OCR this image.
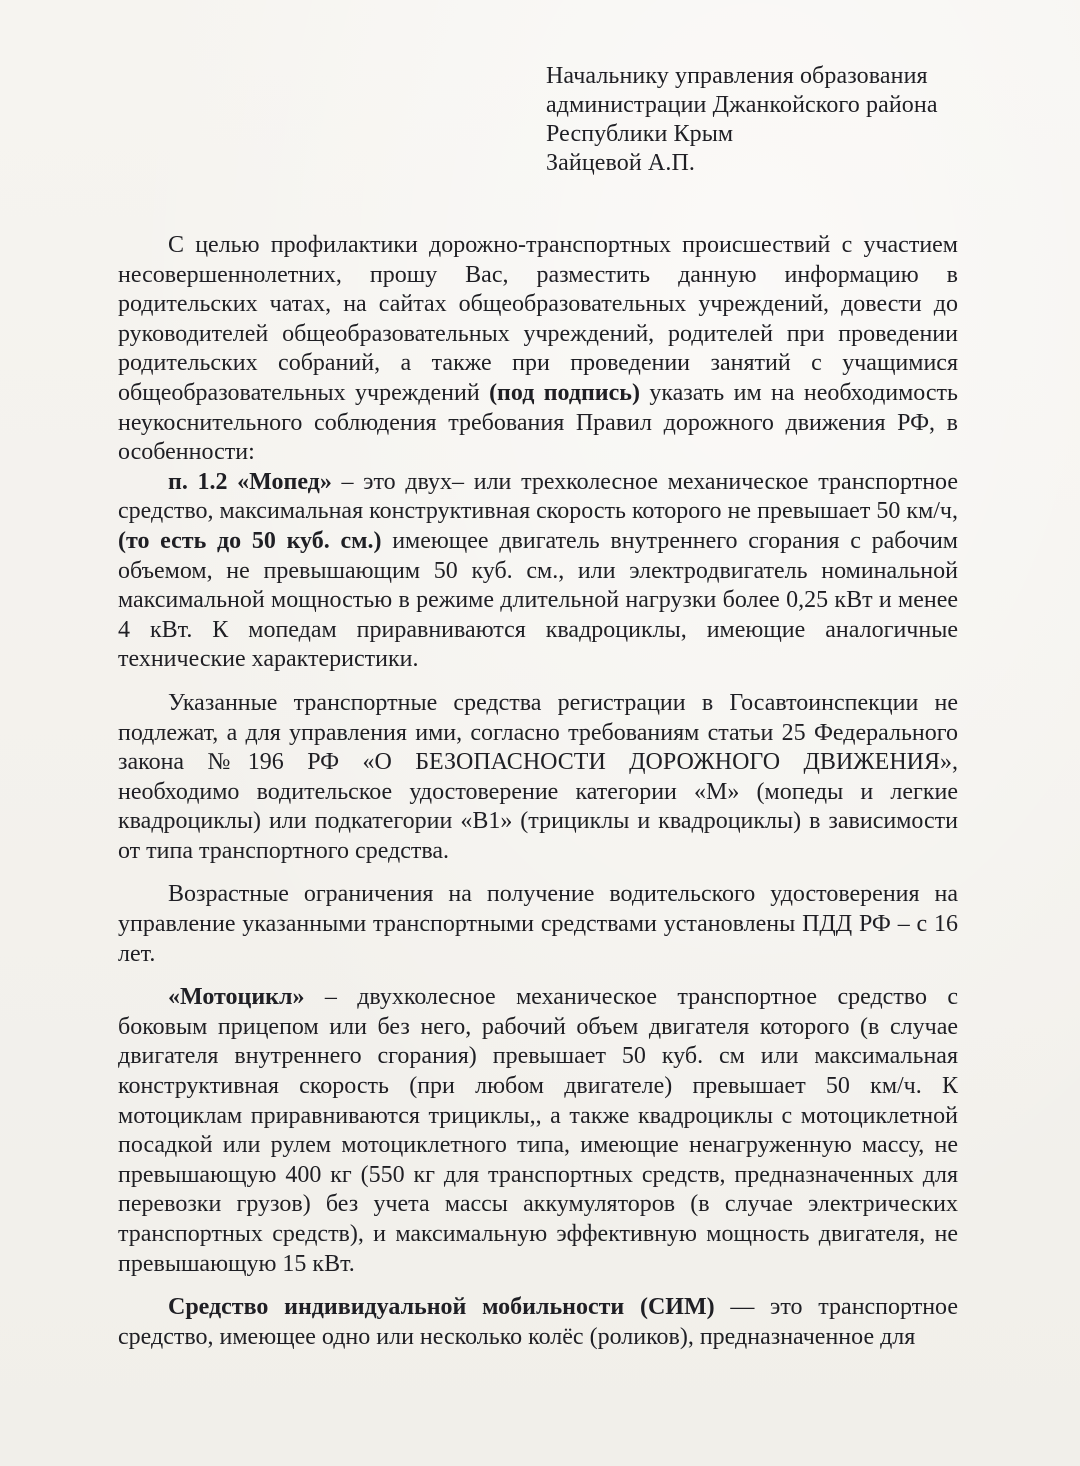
Начальнику управления образования
администрации Джанкойского района
Республики Крым
Зайцевой А.П.

С целью профилактики дорожно-транспортных происшествий с участием несовершеннолетних, прошу Вас, разместить данную информацию в родительских чатах, на сайтах общеобразовательных учреждений, довести до руководителей общеобразовательных учреждений, родителей при проведении родительских собраний, а также при проведении занятий с учащимися общеобразовательных учреждений (под подпись) указать им на необходимость неукоснительного соблюдения требования Правил дорожного движения РФ, в особенности:

п. 1.2 «Мопед» – это двух– или трехколесное механическое транспортное средство, максимальная конструктивная скорость которого не превышает 50 км/ч, (то есть до 50 куб. см.) имеющее двигатель внутреннего сгорания с рабочим объемом, не превышающим 50 куб. см., или электродвигатель номинальной максимальной мощностью в режиме длительной нагрузки более 0,25 кВт и менее 4 кВт. К мопедам приравниваются квадроциклы, имеющие аналогичные технические характеристики.

Указанные транспортные средства регистрации в Госавтоинспекции не подлежат, а для управления ими, согласно требованиям статьи 25 Федерального закона №196 РФ «О БЕЗОПАСНОСТИ ДОРОЖНОГО ДВИЖЕНИЯ», необходимо водительское удостоверение категории «М» (мопеды и легкие квадроциклы) или подкатегории «В1» (трициклы и квадроциклы) в зависимости от типа транспортного средства.

Возрастные ограничения на получение водительского удостоверения на управление указанными транспортными средствами установлены ПДД РФ – с 16 лет.

«Мотоцикл» – двухколесное механическое транспортное средство с боковым прицепом или без него, рабочий объем двигателя которого (в случае двигателя внутреннего сгорания) превышает 50 куб. см или максимальная конструктивная скорость (при любом двигателе) превышает 50 км/ч. К мотоциклам приравниваются трициклы,, а также квадроциклы с мотоциклетной посадкой или рулем мотоциклетного типа, имеющие ненагруженную массу, не превышающую 400 кг (550 кг для транспортных средств, предназначенных для перевозки грузов) без учета массы аккумуляторов (в случае электрических транспортных средств), и максимальную эффективную мощность двигателя, не превышающую 15 кВт.

Средство индивидуальной мобильности (СИМ) — это транспортное средство, имеющее одно или несколько колёс (роликов), предназначенное для
